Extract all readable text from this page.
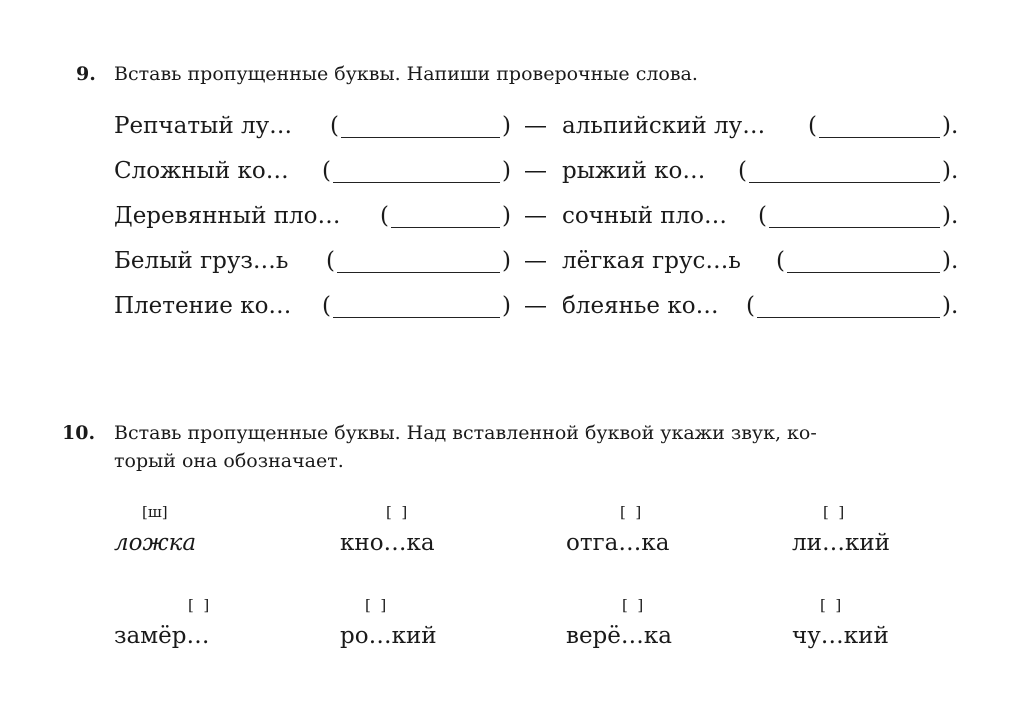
9. Вставь пропущенные буквы. Напиши проверочные слова.
Репчатый лу… (	) — альпийский лу… (	).
Сложный ко… (	) — рыжий ко… (	).
Деревянный пло… (	) — сочный пло… (	).
Белый груз…ь (	) — лёгкая грус…ь (	).
Плетение ко… (	) — блеянье ко… (	).
10. Вставь пропущенные буквы. Над вставленной буквой укажи звук, ко-
торый она обозначает.
[ш]
ложка
[  ]
кно…ка
[  ]
отга…ка
[  ]
ли…кий
[  ]
замёр…
[  ]
ро…кий
[  ]
верё…ка
[  ]
чу…кий
